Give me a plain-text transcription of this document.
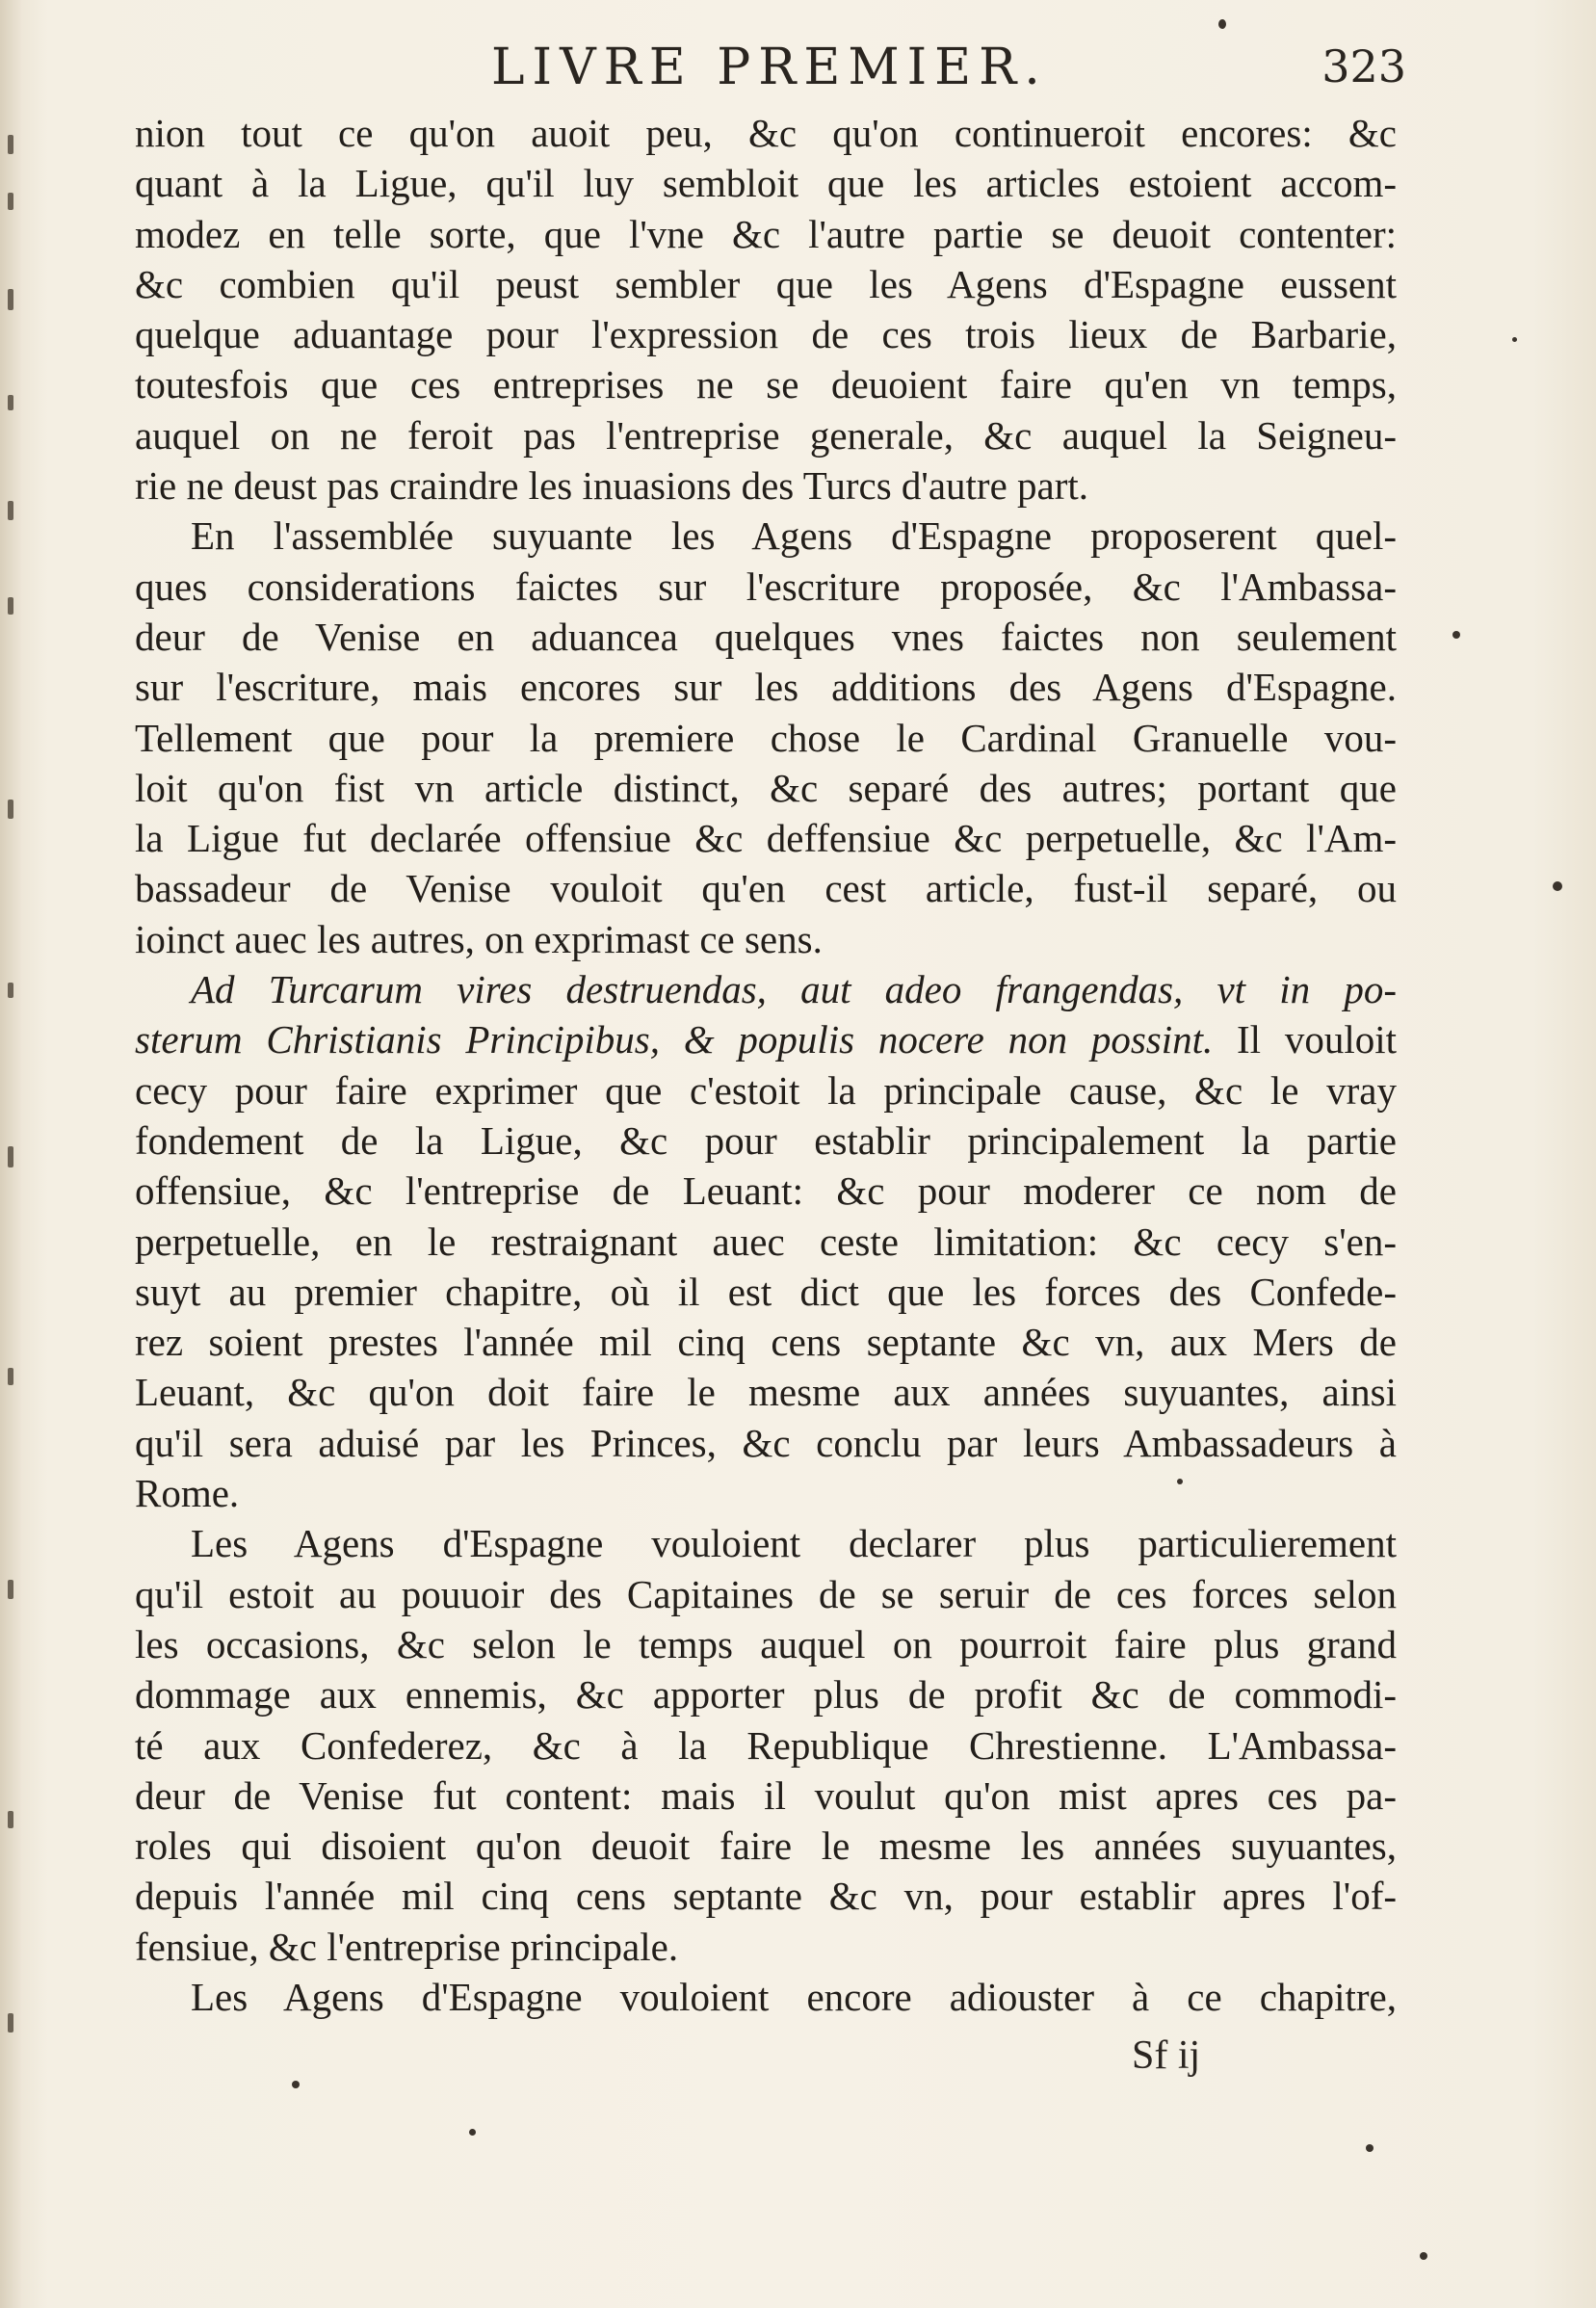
LIVRE PREMIER.	323
nion tout ce qu'on auoit peu, &c qu'on continueroit encores: &c
quant à la Ligue, qu'il luy sembloit que les articles estoient accom-
modez en telle sorte, que l'vne &c l'autre partie se deuoit contenter:
&c combien qu'il peust sembler que les Agens d'Espagne eussent
quelque aduantage pour l'expression de ces trois lieux de Barbarie,
toutesfois que ces entreprises ne se deuoient faire qu'en vn temps,
auquel on ne feroit pas l'entreprise generale, &c auquel la Seigneu-
rie ne deust pas craindre les inuasions des Turcs d'autre part.
En l'assemblée suyuante les Agens d'Espagne proposerent quel-
ques considerations faictes sur l'escriture proposée, &c l'Ambassa-
deur de Venise en aduancea quelques vnes faictes non seulement
sur l'escriture, mais encores sur les additions des Agens d'Espagne.
Tellement que pour la premiere chose le Cardinal Granuelle vou-
loit qu'on fist vn article distinct, &c separé des autres; portant que
la Ligue fut declarée offensiue &c deffensiue &c perpetuelle, &c l'Am-
bassadeur de Venise vouloit qu'en cest article, fust-il separé, ou
ioinct auec les autres, on exprimast ce sens.
Ad Turcarum vires destruendas, aut adeo frangendas, vt in po-
sterum Christianis Principibus, & populis nocere non possint. Il vouloit
cecy pour faire exprimer que c'estoit la principale cause, &c le vray
fondement de la Ligue, &c pour establir principalement la partie
offensiue, &c l'entreprise de Leuant: &c pour moderer ce nom de
perpetuelle, en le restraignant auec ceste limitation: &c cecy s'en-
suyt au premier chapitre, où il est dict que les forces des Confede-
rez soient prestes l'année mil cinq cens septante &c vn, aux Mers de
Leuant, &c qu'on doit faire le mesme aux années suyuantes, ainsi
qu'il sera aduisé par les Princes, &c conclu par leurs Ambassadeurs à
Rome.
Les Agens d'Espagne vouloient declarer plus particulierement
qu'il estoit au pouuoir des Capitaines de se seruir de ces forces selon
les occasions, &c selon le temps auquel on pourroit faire plus grand
dommage aux ennemis, &c apporter plus de profit &c de commodi-
té aux Confederez, &c à la Republique Chrestienne. L'Ambassa-
deur de Venise fut content: mais il voulut qu'on mist apres ces pa-
roles qui disoient qu'on deuoit faire le mesme les années suyuantes,
depuis l'année mil cinq cens septante &c vn, pour establir apres l'of-
fensiue, &c l'entreprise principale.
Les Agens d'Espagne vouloient encore adiouster à ce chapitre,
Sf ij
